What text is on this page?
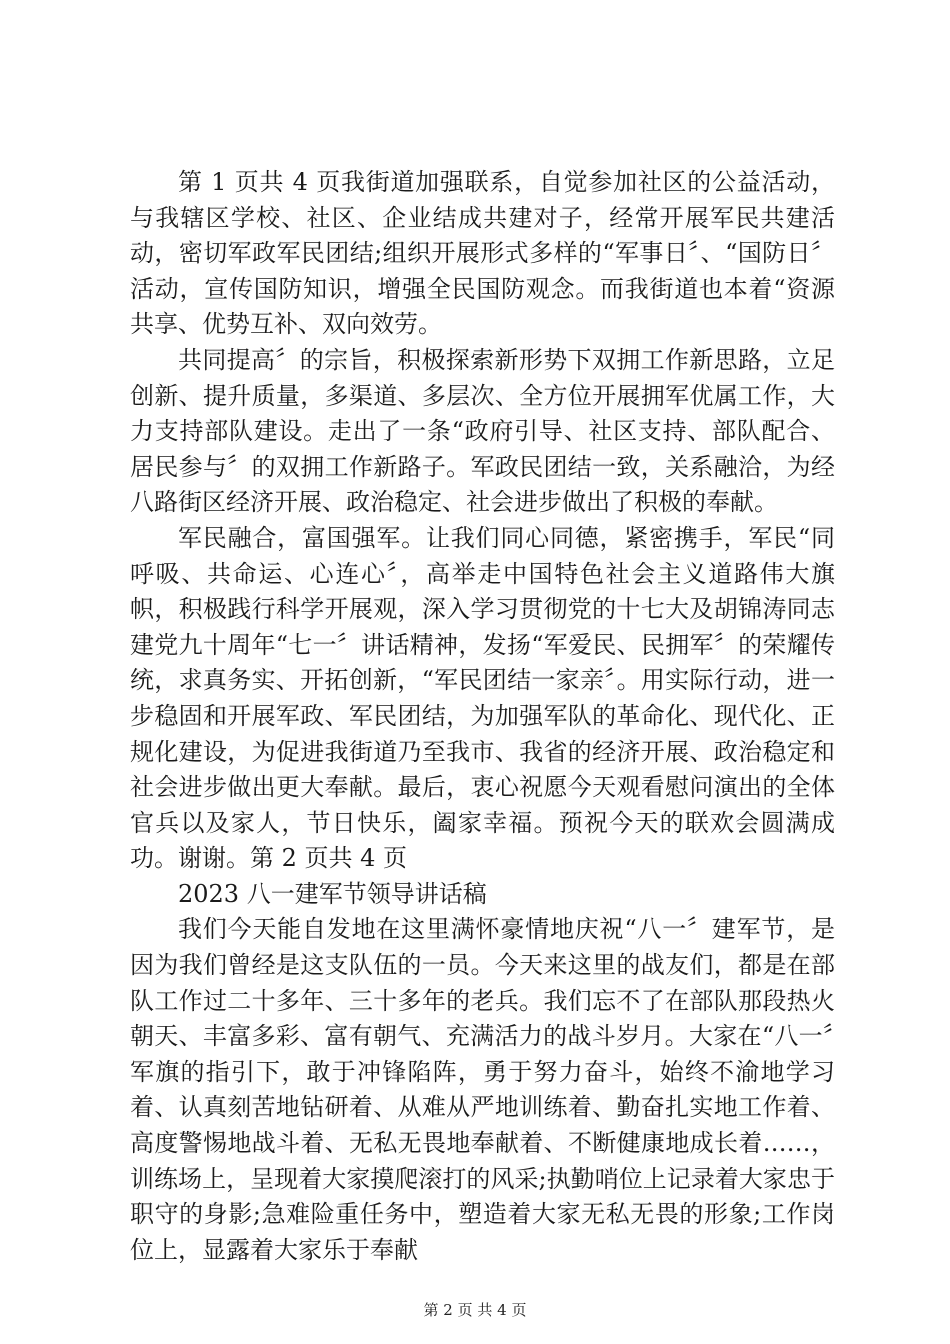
第 1 页共 4 页我街道加强联系，自觉参加社区的公益活动，与我辖区学校、社区、企业结成共建对子，经常开展军民共建活动，密切军政军民团结;组织开展形式多样的“军事日〞、“国防日〞活动，宣传国防知识，增强全民国防观念。而我街道也本着“资源共享、优势互补、双向效劳。

共同提高〞的宗旨，积极探索新形势下双拥工作新思路，立足创新、提升质量，多渠道、多层次、全方位开展拥军优属工作，大力支持部队建设。走出了一条“政府引导、社区支持、部队配合、居民参与〞的双拥工作新路子。军政民团结一致，关系融洽，为经八路街区经济开展、政治稳定、社会进步做出了积极的奉献。

军民融合，富国强军。让我们同心同德，紧密携手，军民“同呼吸、共命运、心连心〞，高举走中国特色社会主义道路伟大旗帜，积极践行科学开展观，深入学习贯彻党的十七大及胡锦涛同志建党九十周年“七一〞讲话精神，发扬“军爱民、民拥军〞的荣耀传统，求真务实、开拓创新，“军民团结一家亲〞。用实际行动，进一步稳固和开展军政、军民团结，为加强军队的革命化、现代化、正规化建设，为促进我街道乃至我市、我省的经济开展、政治稳定和社会进步做出更大奉献。最后，衷心祝愿今天观看慰问演出的全体官兵以及家人，节日快乐，阖家幸福。预祝今天的联欢会圆满成功。谢谢。第 2 页共 4 页

2023 八一建军节领导讲话稿

我们今天能自发地在这里满怀豪情地庆祝“八一〞建军节，是因为我们曾经是这支队伍的一员。今天来这里的战友们，都是在部队工作过二十多年、三十多年的老兵。我们忘不了在部队那段热火朝天、丰富多彩、富有朝气、充满活力的战斗岁月。大家在“八一〞军旗的指引下，敢于冲锋陷阵，勇于努力奋斗，始终不渝地学习着、认真刻苦地钻研着、从难从严地训练着、勤奋扎实地工作着、高度警惕地战斗着、无私无畏地奉献着、不断健康地成长着……，训练场上，呈现着大家摸爬滚打的风采;执勤哨位上记录着大家忠于职守的身影;急难险重任务中，塑造着大家无私无畏的形象;工作岗位上，显露着大家乐于奉献

第 2 页 共 4 页
